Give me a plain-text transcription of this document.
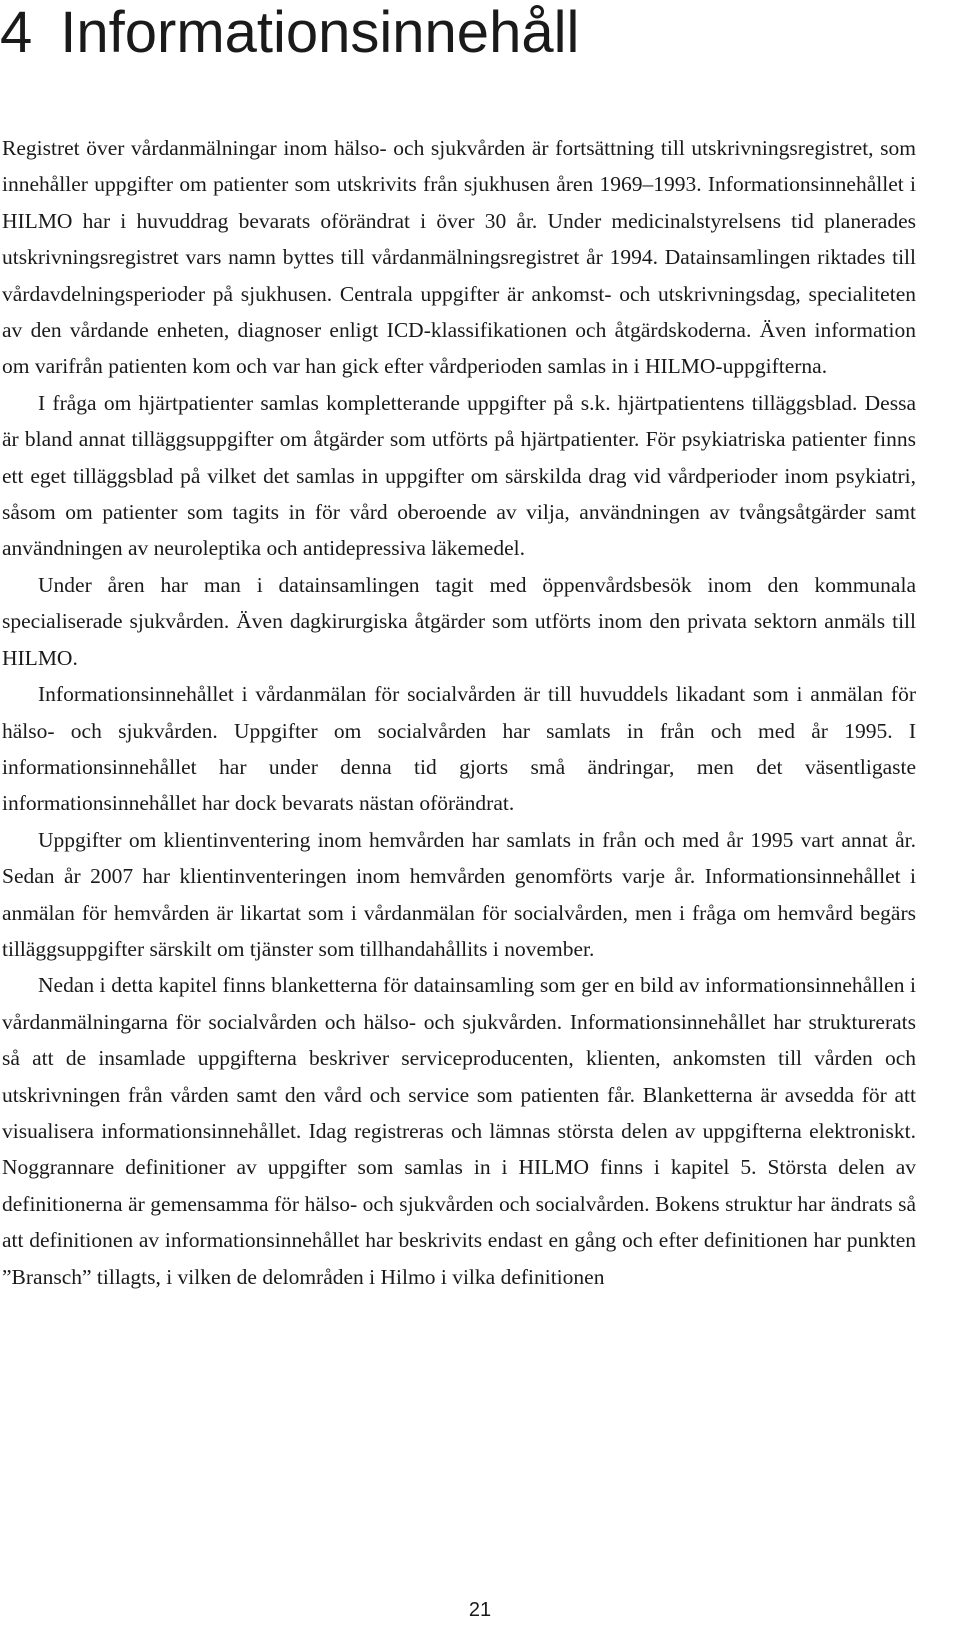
4 Informationsinnehåll

Registret över vårdanmälningar inom hälso- och sjukvården är fortsättning till utskrivningsregistret, som innehåller uppgifter om patienter som utskrivits från sjukhusen åren 1969–1993. Informationsinnehållet i HILMO har i huvuddrag bevarats oförändrat i över 30 år. Under medicinalstyrelsens tid planerades utskrivningsregistret vars namn byttes till vårdanmälningsregistret år 1994. Datainsamlingen riktades till vårdavdelningsperioder på sjukhusen. Centrala uppgifter är ankomst- och utskrivningsdag, specialiteten av den vårdande enheten, diagnoser enligt ICD-klassifikationen och åtgärdskoderna. Även information om varifrån patienten kom och var han gick efter vårdperioden samlas in i HILMO-uppgifterna.

I fråga om hjärtpatienter samlas kompletterande uppgifter på s.k. hjärtpatientens tilläggsblad. Dessa är bland annat tilläggsuppgifter om åtgärder som utförts på hjärtpatienter. För psykiatriska patienter finns ett eget tilläggsblad på vilket det samlas in uppgifter om särskilda drag vid vårdperioder inom psykiatri, såsom om patienter som tagits in för vård oberoende av vilja, användningen av tvångsåtgärder samt användningen av neuroleptika och antidepressiva läkemedel.

Under åren har man i datainsamlingen tagit med öppenvårdsbesök inom den kommunala specialiserade sjukvården. Även dagkirurgiska åtgärder som utförts inom den privata sektorn anmäls till HILMO.

Informationsinnehållet i vårdanmälan för socialvården är till huvuddels likadant som i anmälan för hälso- och sjukvården. Uppgifter om socialvården har samlats in från och med år 1995. I informationsinnehållet har under denna tid gjorts små ändringar, men det väsentligaste informationsinnehållet har dock bevarats nästan oförändrat.

Uppgifter om klientinventering inom hemvården har samlats in från och med år 1995 vart annat år. Sedan år 2007 har klientinventeringen inom hemvården genomförts varje år. Informationsinnehållet i anmälan för hemvården är likartat som i vårdanmälan för socialvården, men i fråga om hemvård begärs tilläggsuppgifter särskilt om tjänster som tillhandahållits i november.

Nedan i detta kapitel finns blanketterna för datainsamling som ger en bild av informationsinnehållen i vårdanmälningarna för socialvården och hälso- och sjukvården. Informationsinnehållet har strukturerats så att de insamlade uppgifterna beskriver serviceproducenten, klienten, ankomsten till vården och utskrivningen från vården samt den vård och service som patienten får. Blanketterna är avsedda för att visualisera informationsinnehållet. Idag registreras och lämnas största delen av uppgifterna elektroniskt. Noggrannare definitioner av uppgifter som samlas in i HILMO finns i kapitel 5. Största delen av definitionerna är gemensamma för hälso- och sjukvården och socialvården. Bokens struktur har ändrats så att definitionen av informationsinnehållet har beskrivits endast en gång och efter definitionen har punkten ”Bransch” tillagts, i vilken de delområden i Hilmo i vilka definitionen

21
